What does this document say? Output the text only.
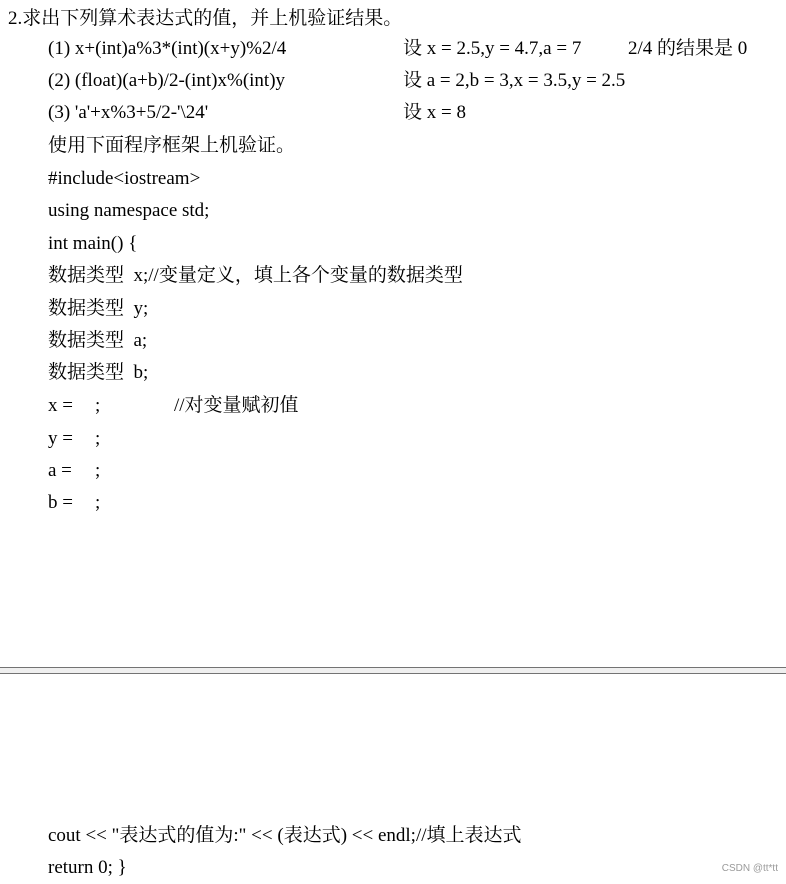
2.求出下列算术表达式的值，并上机验证结果。
(1) x+(int)a%3*(int)(x+y)%2/4	设 x = 2.5,y = 4.7,a = 7 2/4 的结果是 0
(2) (float)(a+b)/2-(int)x%(int)y	设 a = 2,b = 3,x = 3.5,y = 2.5
(3) 'a'+x%3+5/2-'\24'	设 x = 8
使用下面程序框架上机验证。
#include<iostream>
using namespace std;
int main() {
数据类型  x;//变量定义，填上各个变量的数据类型
数据类型  y;
数据类型  a;
数据类型  b;
x = ;	//对变量赋初值
y = ;
a = ;
b = ;
cout << "表达式的值为:" << (表达式) << endl;//填上表达式
return 0; }	CSDN @tt*tt
